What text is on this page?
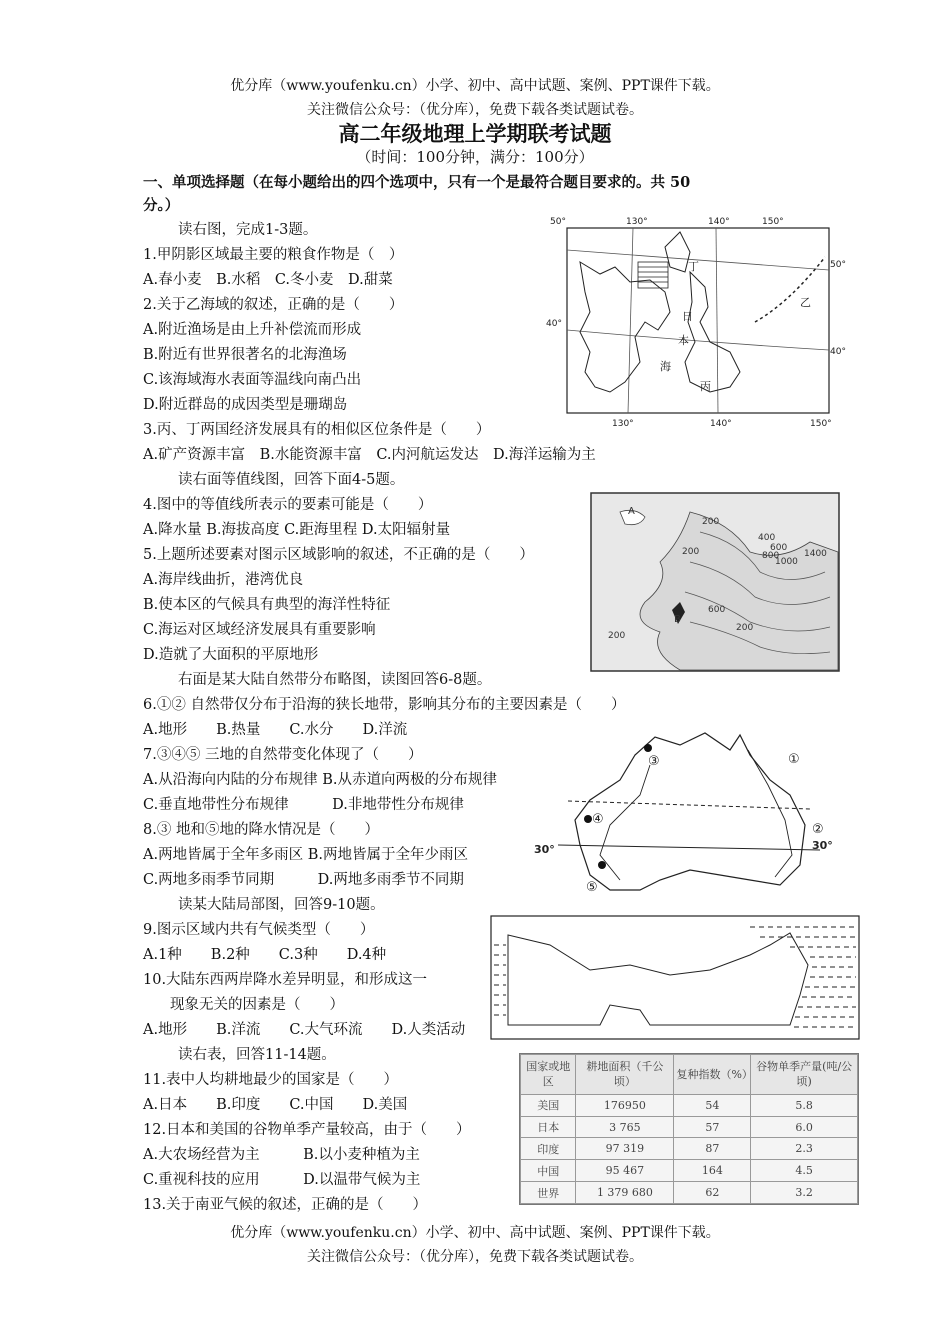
优分库（www.youfenku.cn）小学、初中、高中试题、案例、PPT课件下载。
关注微信公众号：（优分库），免费下载各类试题试卷。
高二年级地理上学期联考试题
（时间：100分钟，满分：100分）
一、单项选择题（在每小题给出的四个选项中，只有一个是最符合题目要求的。共 50
分。）
读右图，完成1-3题。
1.甲阴影区域最主要的粮食作物是（　）
A.春小麦　B.水稻　C.冬小麦　D.甜菜
2.关于乙海域的叙述，正确的是（　　）
A.附近渔场是由上升补偿流而形成
B.附近有世界很著名的北海渔场
C.该海域海水表面等温线向南凸出
D.附近群岛的成因类型是珊瑚岛
3.丙、丁两国经济发展具有的相似区位条件是（　　）
A.矿产资源丰富　B.水能资源丰富　C.内河航运发达　D.海洋运输为主
读右面等值线图，回答下面4-5题。
4.图中的等值线所表示的要素可能是（　　）
A.降水量 B.海拔高度 C.距海里程 D.太阳辐射量
5.上题所述要素对图示区域影响的叙述，不正确的是（　　）
A.海岸线曲折，港湾优良
B.使本区的气候具有典型的海洋性特征
C.海运对区域经济发展具有重要影响
D.造就了大面积的平原地形
右面是某大陆自然带分布略图，读图回答6-8题。
6.①② 自然带仅分布于沿海的狭长地带，影响其分布的主要因素是（　　）
A.地形　　B.热量　　C.水分　　D.洋流
7.③④⑤ 三地的自然带变化体现了（　　）
A.从沿海向内陆的分布规律 B.从赤道向两极的分布规律
C.垂直地带性分布规律　　　D.非地带性分布规律
8.③ 地和⑤地的降水情况是（　　）
A.两地皆属于全年多雨区 B.两地皆属于全年少雨区
C.两地多雨季节同期　　　D.两地多雨季节不同期
读某大陆局部图，回答9-10题。
9.图示区域内共有气候类型（　　）
A.1种　　B.2种　　C.3种　　D.4种
10.大陆东西两岸降水差异明显，和形成这一
现象无关的因素是（　　）
A.地形　　B.洋流　　C.大气环流　　D.人类活动
读右表，回答11-14题。
11.表中人均耕地最少的国家是（　　）
A.日本　　B.印度　　C.中国　　D.美国
12.日本和美国的谷物单季产量较高，由于（　　）
A.大农场经营为主　　　B.以小麦种植为主
C.重视科技的应用　　　D.以温带气候为主
13.关于南亚气候的叙述，正确的是（　　）
50°	130°	140°	150°
50°
40°
40°
130°	140°	150°
丁
日
本
海
丙
乙
A
B
200
200
400
600
800
1000
1400
200
600
200
①
②
③
④
⑤
30°	30°
国家或地区	耕地面积（千公顷）	复种指数（%）	谷物单季产量(吨/公顷)
美国	176950	54	5.8
日本	3 765	57	6.0
印度	97 319	87	2.3
中国	95 467	164	4.5
世界	1 379 680	62	3.2
优分库（www.youfenku.cn）小学、初中、高中试题、案例、PPT课件下载。
关注微信公众号：（优分库），免费下载各类试题试卷。
